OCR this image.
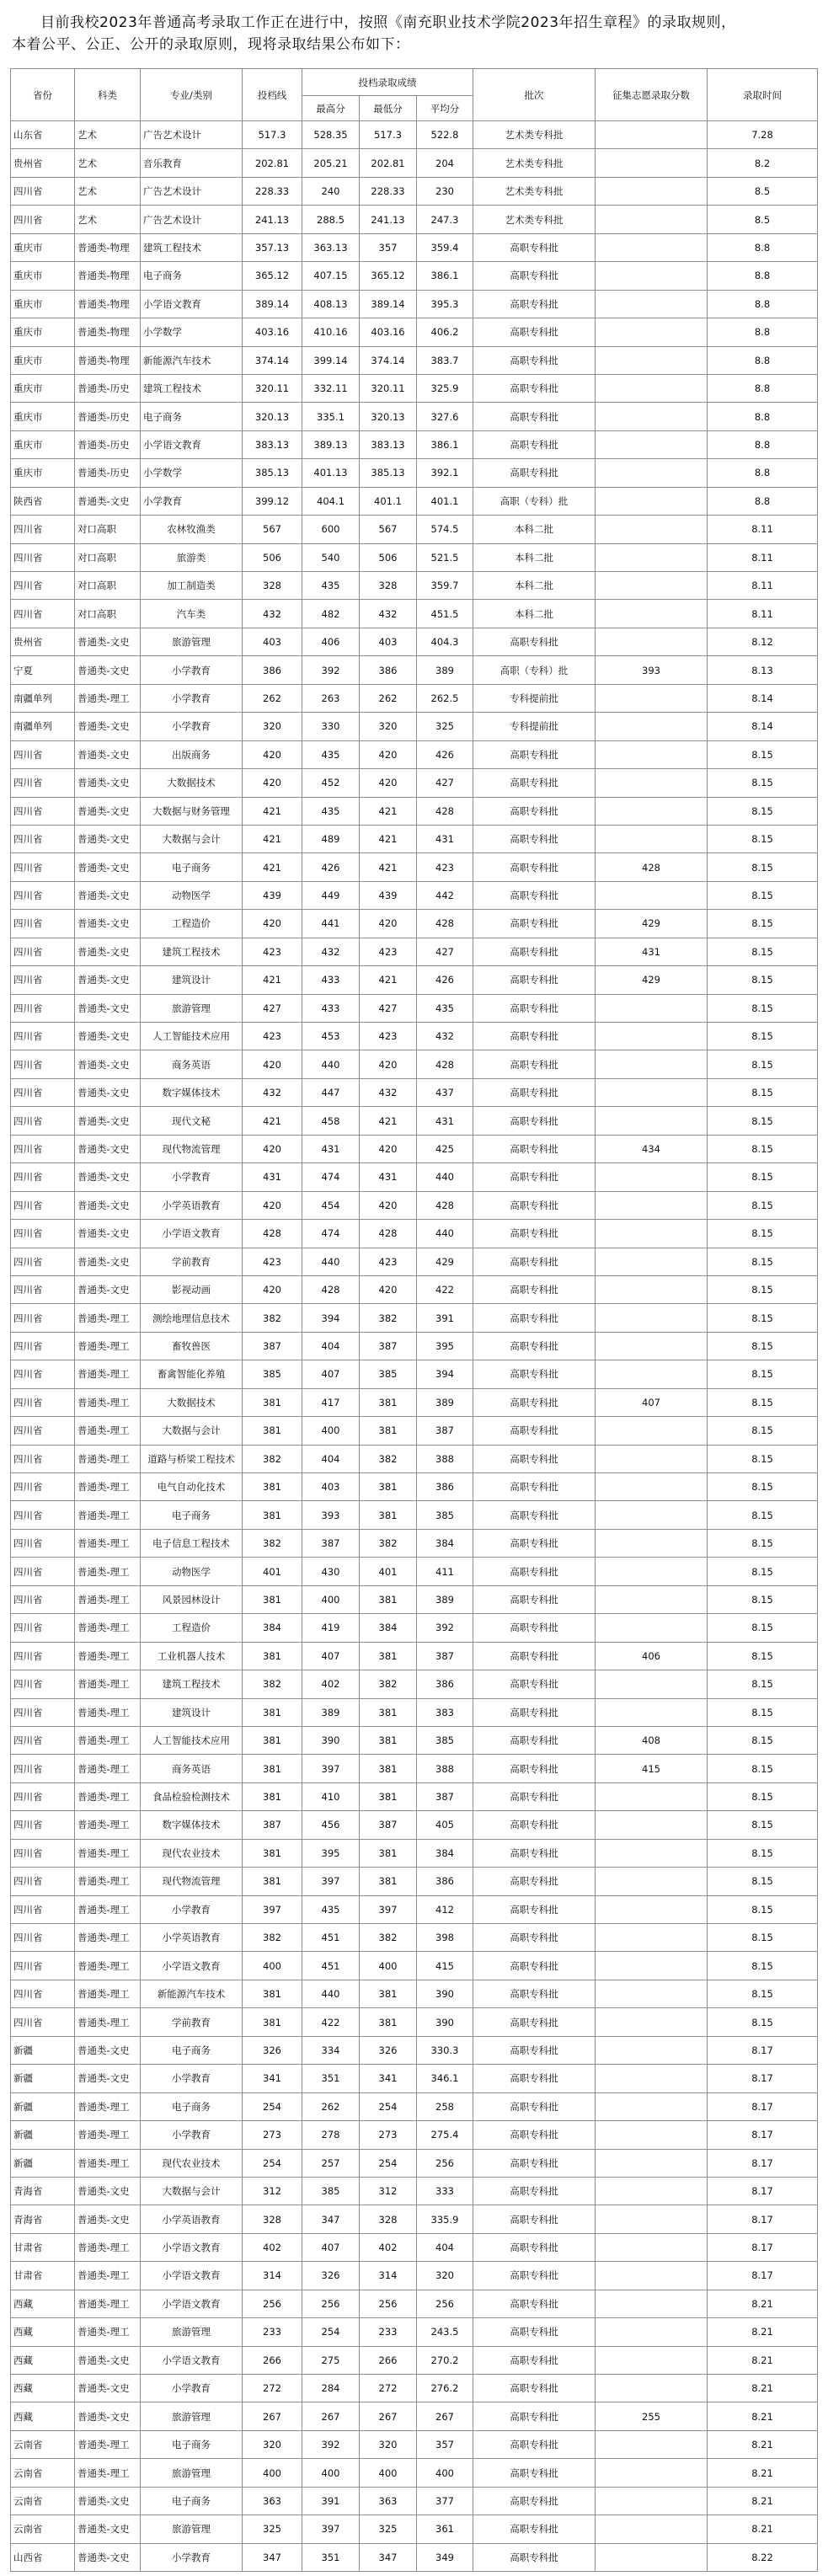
目前我校2023年普通高考录取工作正在进行中，按照《南充职业技术学院2023年招生章程》的录取规则，

本着公平、公正、公开的录取原则，现将录取结果公布如下：
省份	科类	专业/类别	投档线	投档录取成绩			批次	征集志愿录取分数	录取时间
				最高分	最低分	平均分			
山东省	艺术	广告艺术设计	517.3	528.35	517.3	522.8	艺术类专科批		7.28
贵州省	艺术	音乐教育	202.81	205.21	202.81	204	艺术类专科批		8.2
四川省	艺术	广告艺术设计	228.33	240	228.33	230	艺术类专科批		8.5
四川省	艺术	广告艺术设计	241.13	288.5	241.13	247.3	艺术类专科批		8.5
重庆市	普通类-物理	建筑工程技术	357.13	363.13	357	359.4	高职专科批		8.8
重庆市	普通类-物理	电子商务	365.12	407.15	365.12	386.1	高职专科批		8.8
重庆市	普通类-物理	小学语文教育	389.14	408.13	389.14	395.3	高职专科批		8.8
重庆市	普通类-物理	小学数学	403.16	410.16	403.16	406.2	高职专科批		8.8
重庆市	普通类-物理	新能源汽车技术	374.14	399.14	374.14	383.7	高职专科批		8.8
重庆市	普通类-历史	建筑工程技术	320.11	332.11	320.11	325.9	高职专科批		8.8
重庆市	普通类-历史	电子商务	320.13	335.1	320.13	327.6	高职专科批		8.8
重庆市	普通类-历史	小学语文教育	383.13	389.13	383.13	386.1	高职专科批		8.8
重庆市	普通类-历史	小学数学	385.13	401.13	385.13	392.1	高职专科批		8.8
陕西省	普通类-文史	小学教育	399.12	404.1	401.1	401.1	高职（专科）批		8.8
四川省	对口高职	农林牧渔类	567	600	567	574.5	本科二批		8.11
四川省	对口高职	旅游类	506	540	506	521.5	本科二批		8.11
四川省	对口高职	加工制造类	328	435	328	359.7	本科二批		8.11
四川省	对口高职	汽车类	432	482	432	451.5	本科二批		8.11
贵州省	普通类-文史	旅游管理	403	406	403	404.3	高职专科批		8.12
宁夏	普通类-文史	小学教育	386	392	386	389	高职（专科）批	393	8.13
南疆单列	普通类-理工	小学教育	262	263	262	262.5	专科提前批		8.14
南疆单列	普通类-文史	小学教育	320	330	320	325	专科提前批		8.14
四川省	普通类-文史	出版商务	420	435	420	426	高职专科批		8.15
四川省	普通类-文史	大数据技术	420	452	420	427	高职专科批		8.15
四川省	普通类-文史	大数据与财务管理	421	435	421	428	高职专科批		8.15
四川省	普通类-文史	大数据与会计	421	489	421	431	高职专科批		8.15
四川省	普通类-文史	电子商务	421	426	421	423	高职专科批	428	8.15
四川省	普通类-文史	动物医学	439	449	439	442	高职专科批		8.15
四川省	普通类-文史	工程造价	420	441	420	428	高职专科批	429	8.15
四川省	普通类-文史	建筑工程技术	423	432	423	427	高职专科批	431	8.15
四川省	普通类-文史	建筑设计	421	433	421	426	高职专科批	429	8.15
四川省	普通类-文史	旅游管理	427	433	427	435	高职专科批		8.15
四川省	普通类-文史	人工智能技术应用	423	453	423	432	高职专科批		8.15
四川省	普通类-文史	商务英语	420	440	420	428	高职专科批		8.15
四川省	普通类-文史	数字媒体技术	432	447	432	437	高职专科批		8.15
四川省	普通类-文史	现代文秘	421	458	421	431	高职专科批		8.15
四川省	普通类-文史	现代物流管理	420	431	420	425	高职专科批	434	8.15
四川省	普通类-文史	小学教育	431	474	431	440	高职专科批		8.15
四川省	普通类-文史	小学英语教育	420	454	420	428	高职专科批		8.15
四川省	普通类-文史	小学语文教育	428	474	428	440	高职专科批		8.15
四川省	普通类-文史	学前教育	423	440	423	429	高职专科批		8.15
四川省	普通类-文史	影视动画	420	428	420	422	高职专科批		8.15
四川省	普通类-理工	测绘地理信息技术	382	394	382	391	高职专科批		8.15
四川省	普通类-理工	畜牧兽医	387	404	387	395	高职专科批		8.15
四川省	普通类-理工	畜禽智能化养殖	385	407	385	394	高职专科批		8.15
四川省	普通类-理工	大数据技术	381	417	381	389	高职专科批	407	8.15
四川省	普通类-理工	大数据与会计	381	400	381	387	高职专科批		8.15
四川省	普通类-理工	道路与桥梁工程技术	382	404	382	388	高职专科批		8.15
四川省	普通类-理工	电气自动化技术	381	403	381	386	高职专科批		8.15
四川省	普通类-理工	电子商务	381	393	381	385	高职专科批		8.15
四川省	普通类-理工	电子信息工程技术	382	387	382	384	高职专科批		8.15
四川省	普通类-理工	动物医学	401	430	401	411	高职专科批		8.15
四川省	普通类-理工	风景园林设计	381	400	381	389	高职专科批		8.15
四川省	普通类-理工	工程造价	384	419	384	392	高职专科批		8.15
四川省	普通类-理工	工业机器人技术	381	407	381	387	高职专科批	406	8.15
四川省	普通类-理工	建筑工程技术	382	402	382	386	高职专科批		8.15
四川省	普通类-理工	建筑设计	381	389	381	383	高职专科批		8.15
四川省	普通类-理工	人工智能技术应用	381	390	381	385	高职专科批	408	8.15
四川省	普通类-理工	商务英语	381	397	381	388	高职专科批	415	8.15
四川省	普通类-理工	食品检验检测技术	381	410	381	387	高职专科批		8.15
四川省	普通类-理工	数字媒体技术	387	456	387	405	高职专科批		8.15
四川省	普通类-理工	现代农业技术	381	395	381	384	高职专科批		8.15
四川省	普通类-理工	现代物流管理	381	397	381	386	高职专科批		8.15
四川省	普通类-理工	小学教育	397	435	397	412	高职专科批		8.15
四川省	普通类-理工	小学英语教育	382	451	382	398	高职专科批		8.15
四川省	普通类-理工	小学语文教育	400	451	400	415	高职专科批		8.15
四川省	普通类-理工	新能源汽车技术	381	440	381	390	高职专科批		8.15
四川省	普通类-理工	学前教育	381	422	381	390	高职专科批		8.15
新疆	普通类-文史	电子商务	326	334	326	330.3	高职专科批		8.17
新疆	普通类-文史	小学教育	341	351	341	346.1	高职专科批		8.17
新疆	普通类-理工	电子商务	254	262	254	258	高职专科批		8.17
新疆	普通类-理工	小学教育	273	278	273	275.4	高职专科批		8.17
新疆	普通类-理工	现代农业技术	254	257	254	256	高职专科批		8.17
青海省	普通类-文史	大数据与会计	312	385	312	333	高职专科批		8.17
青海省	普通类-文史	小学英语教育	328	347	328	335.9	高职专科批		8.17
甘肃省	普通类-理工	小学语文教育	402	407	402	404	高职专科批		8.17
甘肃省	普通类-理工	小学语文教育	314	326	314	320	高职专科批		8.17
西藏	普通类-理工	小学语文教育	256	256	256	256	高职专科批		8.21
西藏	普通类-理工	旅游管理	233	254	233	243.5	高职专科批		8.21
西藏	普通类-文史	小学语文教育	266	275	266	270.2	高职专科批		8.21
西藏	普通类-文史	小学教育	272	284	272	276.2	高职专科批		8.21
西藏	普通类-文史	旅游管理	267	267	267	267	高职专科批	255	8.21
云南省	普通类-理工	电子商务	320	392	320	357	高职专科批		8.21
云南省	普通类-理工	旅游管理	400	400	400	400	高职专科批		8.21
云南省	普通类-文史	电子商务	363	391	363	377	高职专科批		8.21
云南省	普通类-文史	旅游管理	325	397	325	361	高职专科批		8.21
山西省	普通类-文史	小学教育	347	351	347	349	高职专科批		8.22
